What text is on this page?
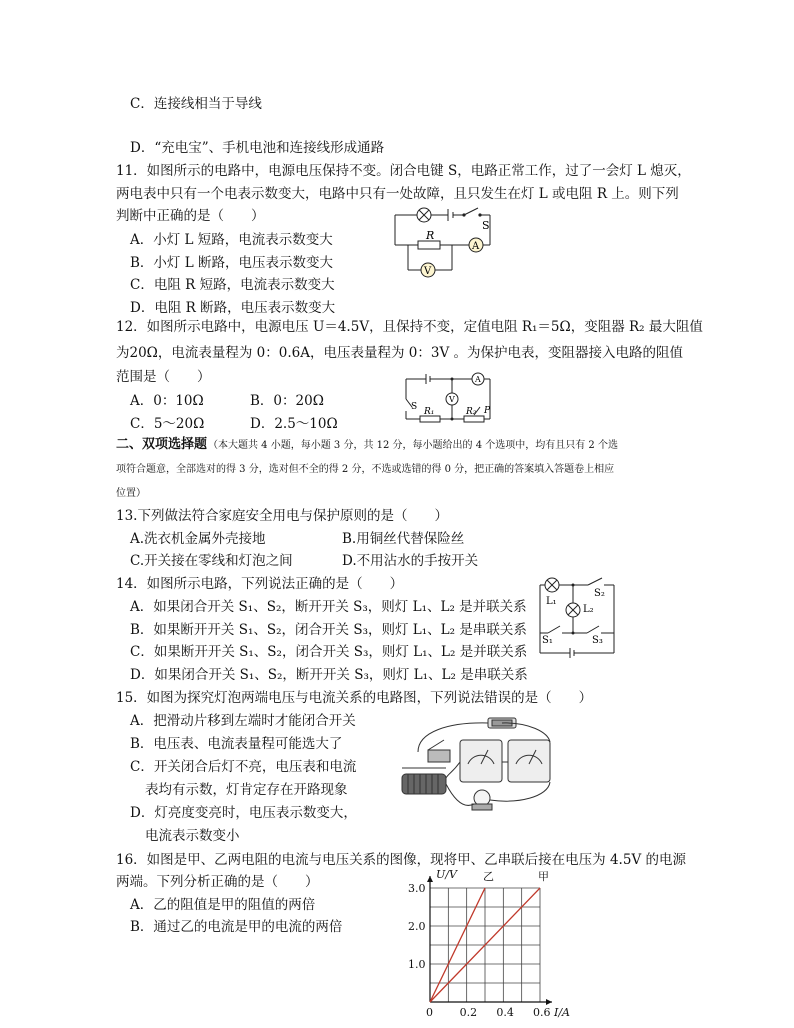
C．连接线相当于导线
D．“充电宝”、手机电池和连接线形成通路
11．如图所示的电路中，电源电压保持不变。闭合电键 S，电路正常工作，过了一会灯 L 熄灭，
两电表中只有一个电表示数变大，电路中只有一处故障，且只发生在灯 L 或电阻 R 上。则下列
判断中正确的是（　　）
A．小灯 L 短路，电流表示数变大
B．小灯 L 断路，电压表示数变大
C．电阻 R 短路，电流表示数变大
D．电阻 R 断路，电压表示数变大
S
R
A
V
12．如图所示电路中，电源电压 U＝4.5V，且保持不变，定值电阻 R₁＝5Ω，变阻器 R₂ 最大阻值
为20Ω，电流表量程为 0：0.6A，电压表量程为 0：3V 。为保护电表，变阻器接入电路的阻值
范围是（　　）
A．0：10Ω	B．0：20Ω
C．5～20Ω	D．2.5～10Ω
A
V
S R₁	R₂ P
二、双项选择题 （本大题共 4 小题，每小题 3 分，共 12 分，每小题给出的 4 个选项中，均有且只有 2 个选
项符合题意，全部选对的得 3 分，选对但不全的得 2 分，不选或选错的得 0 分，把正确的答案填入答题卷上相应
位置）
13.下列做法符合家庭安全用电与保护原则的是（　　）
A.洗衣机金属外壳接地	B.用铜丝代替保险丝
C.开关接在零线和灯泡之间	D.不用沾水的手按开关
14．如图所示电路，下列说法正确的是（　　）
A．如果闭合开关 S₁、S₂，断开开关 S₃，则灯 L₁、L₂ 是并联关系
B．如果断开开关 S₁、S₂，闭合开关 S₃，则灯 L₁、L₂ 是串联关系
C．如果断开开关 S₁、S₂，闭合开关 S₃，则灯 L₁、L₂ 是并联关系
D．如果闭合开关 S₁、S₂，断开开关 S₃，则灯 L₁、L₂ 是串联关系
S₂
L₁
L₂
S₁	S₃
15．如图为探究灯泡两端电压与电流关系的电路图，下列说法错误的是（　　）
A．把滑动片移到左端时才能闭合开关
B．电压表、电流表量程可能选大了
C．开关闭合后灯不亮，电压表和电流
表均有示数，灯肯定存在开路现象
D．灯亮度变亮时，电压表示数变大，
电流表示数变小
16．如图是甲、乙两电阻的电流与电压关系的图像，现将甲、乙串联后接在电压为 4.5V 的电源
两端。下列分析正确的是（　　）
A．乙的阻值是甲的阻值的两倍
B．通过乙的电流是甲的电流的两倍
乙	甲
I/A
U/V
0 0.2 0.4 0.6
1.0
2.0
3.0
